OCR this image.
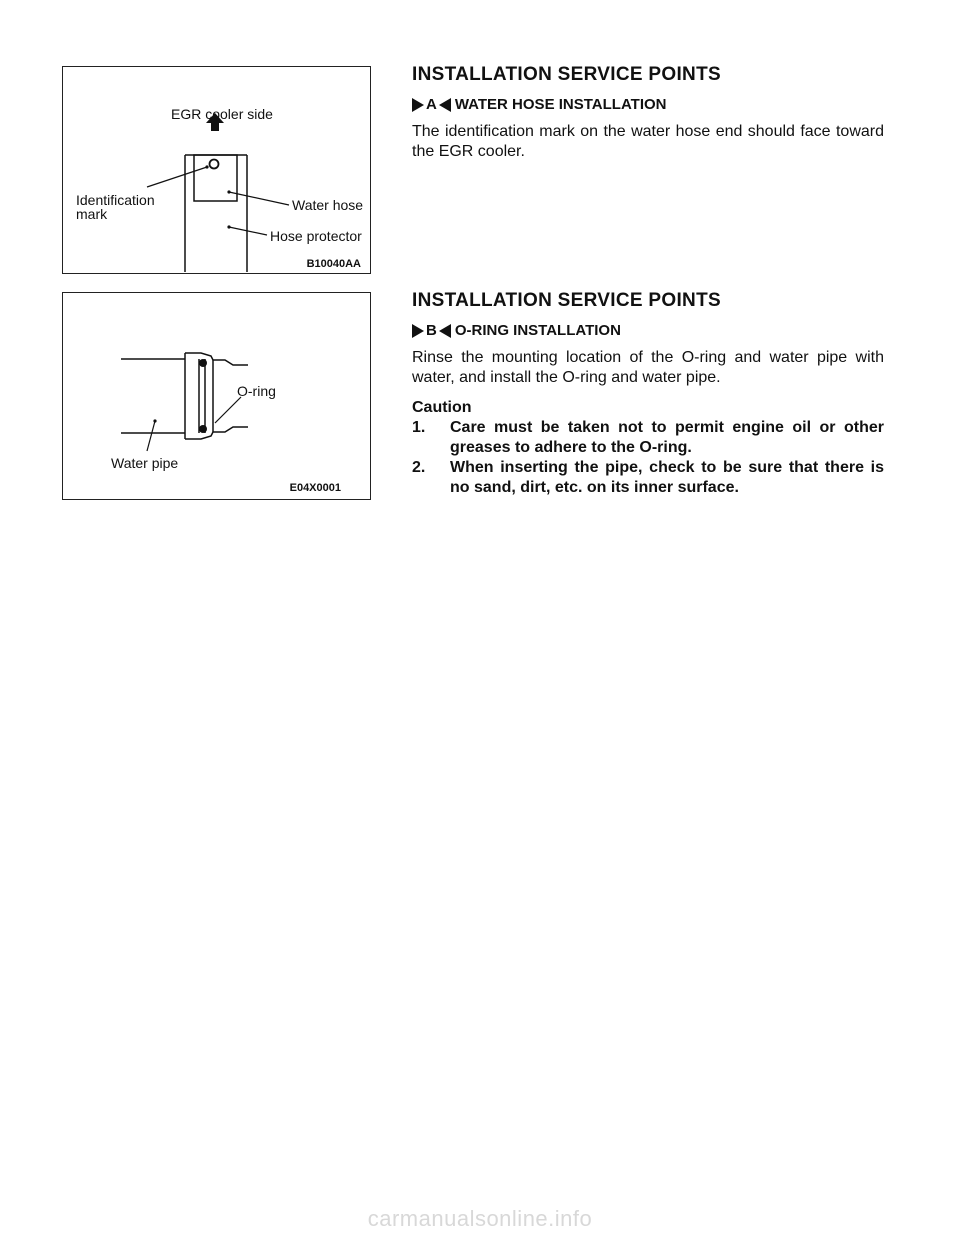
EGR cooler side
Identification
mark
Water hose
Hose protector
B10040AA
O-ring
Water pipe
E04X0001
INSTALLATION SERVICE POINTS
A WATER HOSE INSTALLATION

The identification mark on the water hose end should face toward the EGR cooler.

INSTALLATION SERVICE POINTS
B O-RING INSTALLATION

Rinse the mounting location of the O-ring and water pipe with water, and install the O-ring and water pipe.

Caution

1. Care must be taken not to permit engine oil or other greases to adhere to the O-ring.
2. When inserting the pipe, check to be sure that there is no sand, dirt, etc. on its inner surface.
carmanualsonline.info
